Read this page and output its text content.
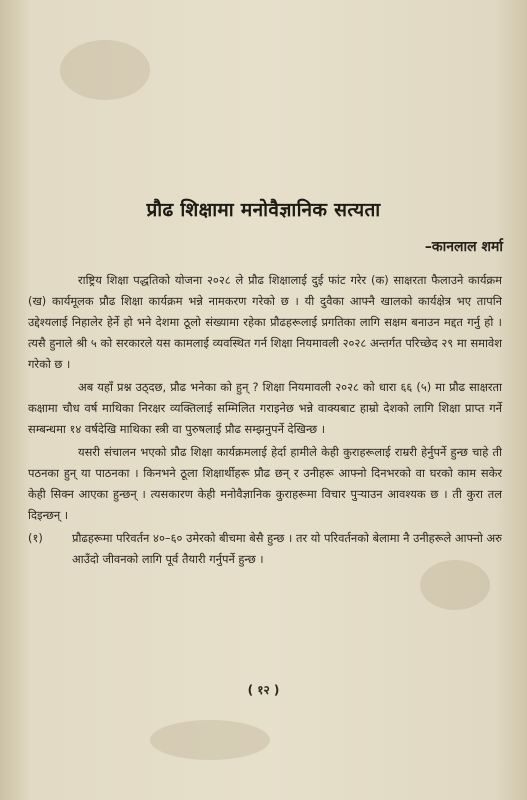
प्रौढ शिक्षामा मनोवैज्ञानिक सत्यता
–कानलाल शर्मा

राष्ट्रिय शिक्षा पद्धतिको योजना २०२८ ले प्रौढ शिक्षालाई दुई फांट गरेर (क) साक्षरता फैलाउने कार्यक्रम (ख) कार्यमूलक प्रौढ शिक्षा कार्यक्रम भन्ने नामकरण गरेको छ । यी दुवैका आफ्नै खालको कार्यक्षेत्र भए तापनि उद्देश्यलाई निहालेर हेर्ने हो भने देशमा ठूलो संख्यामा रहेका प्रौढहरूलाई प्रगतिका लागि सक्षम बनाउन मद्दत गर्नु हो । त्यसै हुनाले श्री ५ को सरकारले यस कामलाई व्यवस्थित गर्न शिक्षा नियमावली २०२८ अन्तर्गत परिच्छेद २९ मा समावेश गरेको छ ।

अब यहाँ प्रश्न उठ्दछ, प्रौढ भनेका को हुन् ? शिक्षा नियमावली २०२८ को धारा ६६ (५) मा प्रौढ साक्षरता कक्षामा चौध वर्ष माथिका निरक्षर व्यक्तिलाई सम्मिलित गराइनेछ भन्ने वाक्यबाट हाम्रो देशको लागि शिक्षा प्राप्त गर्ने सम्बन्धमा १४ वर्षदेखि माथिका स्त्री वा पुरुषलाई प्रौढ सम्झनुपर्ने देखिन्छ ।

यसरी संचालन भएको प्रौढ शिक्षा कार्यक्रमलाई हेर्दा हामीले केही कुराहरूलाई राम्ररी हेर्नुपर्ने हुन्छ चाहे ती पठनका हुन् या पाठनका । किनभने ठूला शिक्षार्थीहरू प्रौढ छन् र उनीहरू आफ्नो दिनभरको वा घरको काम सकेर केही सिक्न आएका हुन्छन् । त्यसकारण केही मनोवैज्ञानिक कुराहरूमा विचार पुर्‍याउन आवश्यक छ । ती कुरा तल दिइन्छन् ।

(१)	प्रौढहरूमा परिवर्तन ४०–६० उमेरको बीचमा बेसै हुन्छ । तर यो परिवर्तनको बेलामा नै उनीहरूले आफ्नो अरु आउँदो जीवनको लागि पूर्व तैयारी गर्नुपर्ने हुन्छ ।
( १२ )
